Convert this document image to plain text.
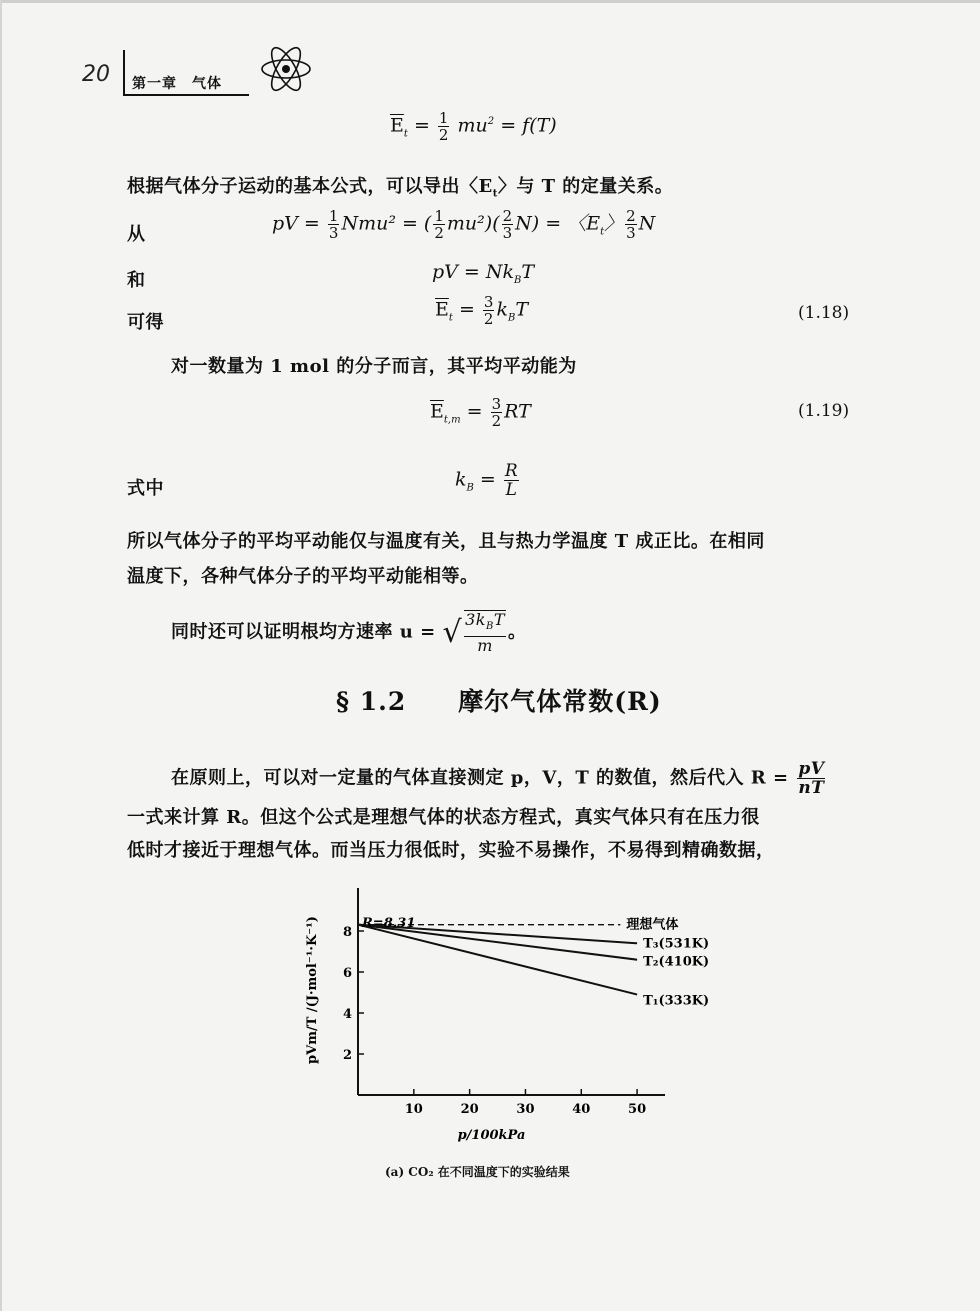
20 第一章　气体
$\overline{E}_t = \frac{1}{2} mu^2 = f(T)$
根据气体分子运动的基本公式，可以导出〈$E_t$〉与 T 的定量关系。
从	pV = $\frac{1}{3} Nmu^2$ = ( $\frac{1}{2} mu^2)( \frac{2}{3} N)$ = 〈$E_t$〉 $\frac{2}{3}$ N
和	pV = $Nk_BT$
可得
$\overline{E}_t = \frac{3}{2} k_BT$	(1.18)
对一数量为 1 mol 的分子而言，其平均平动能为
$\overline{E}_{t,m} = \frac{3}{2}$ RT	(1.19)
式中	$k_B = \frac{R}{L}$
所以气体分子的平均平动能仅与温度有关，且与热力学温度 T 成正比。在相同
温度下，各种气体分子的平均平动能相等。
同时还可以证明根均方速率 u = √ $\frac{3k_BT}{m}$ 。
§ 1.2　　摩尔气体常数(R)
在原则上，可以对一定量的气体直接测定 p，V，T 的数值，然后代入 $R = \frac{pV}{nT}$
一式来计算 R。但这个公式是理想气体的状态方程式，真实气体只有在压力很
低时才接近于理想气体。而当压力很低时，实验不易操作，不易得到精确数据，
10	20	30	40	50
2
4
6
8	理想气体
T₃(531K)
T₂(410K)
T₁(333K)
R=8.31
p/100kPa
pVm/T /(J·mol⁻¹·K⁻¹)
(a) CO₂ 在不同温度下的实验结果
